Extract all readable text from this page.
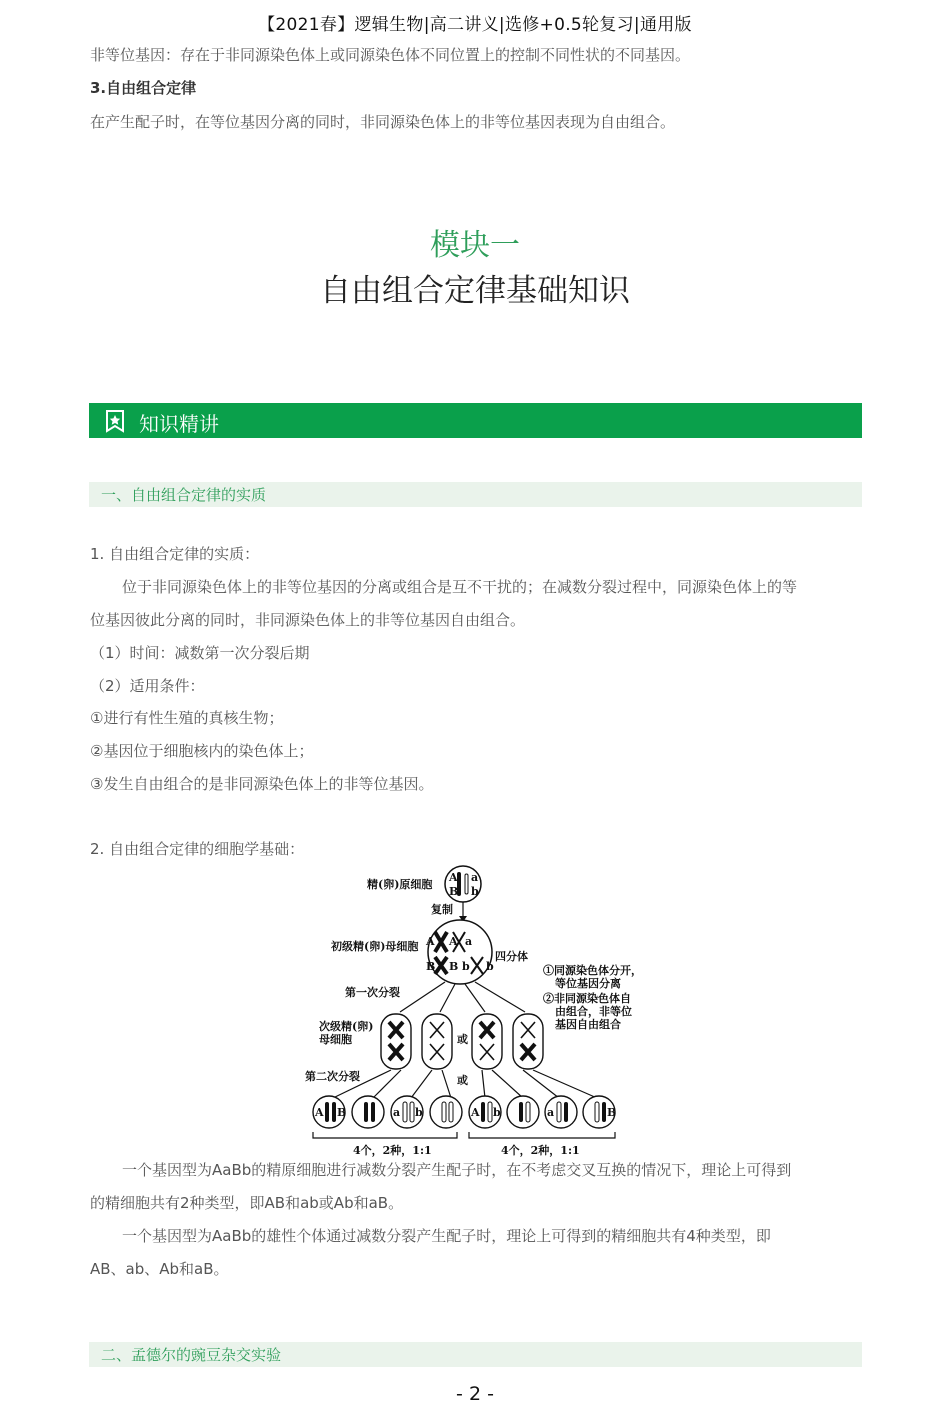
【2021春】逻辑生物|高二讲义|选修+0.5轮复习|通用版
非等位基因：存在于非同源染色体上或同源染色体不同位置上的控制不同性状的不同基因。
3.自由组合定律
在产生配子时，在等位基因分离的同时，非同源染色体上的非等位基因表现为自由组合。
模块一
自由组合定律基础知识
知识精讲
一、自由组合定律的实质
1. 自由组合定律的实质：
位于非同源染色体上的非等位基因的分离或组合是互不干扰的；在减数分裂过程中，同源染色体上的等
位基因彼此分离的同时，非同源染色体上的非等位基因自由组合。
（1）时间：减数第一次分裂后期
（2）适用条件：
①进行有性生殖的真核生物；
②基因位于细胞核内的染色体上；
③发生自由组合的是非同源染色体上的非等位基因。
2. 自由组合定律的细胞学基础：
A a
B b
精(卵)原细胞
复制
A A a
B B b b
初级精(卵)母细胞
四分体
①同源染色体分开，
等位基因分离
②非同源染色体自
由组合，非等位
基因自由组合
第一次分裂
次级精(卵)
母细胞	或
第二次分裂	或
A B	a b	A b	a	B
4个，2种，1:1	4个，2种，1:1
一个基因型为AaBb的精原细胞进行减数分裂产生配子时，在不考虑交叉互换的情况下，理论上可得到
的精细胞共有2种类型，即AB和ab或Ab和aB。
一个基因型为AaBb的雄性个体通过减数分裂产生配子时，理论上可得到的精细胞共有4种类型，即
AB、ab、Ab和aB。
二、孟德尔的豌豆杂交实验
- 2 -
